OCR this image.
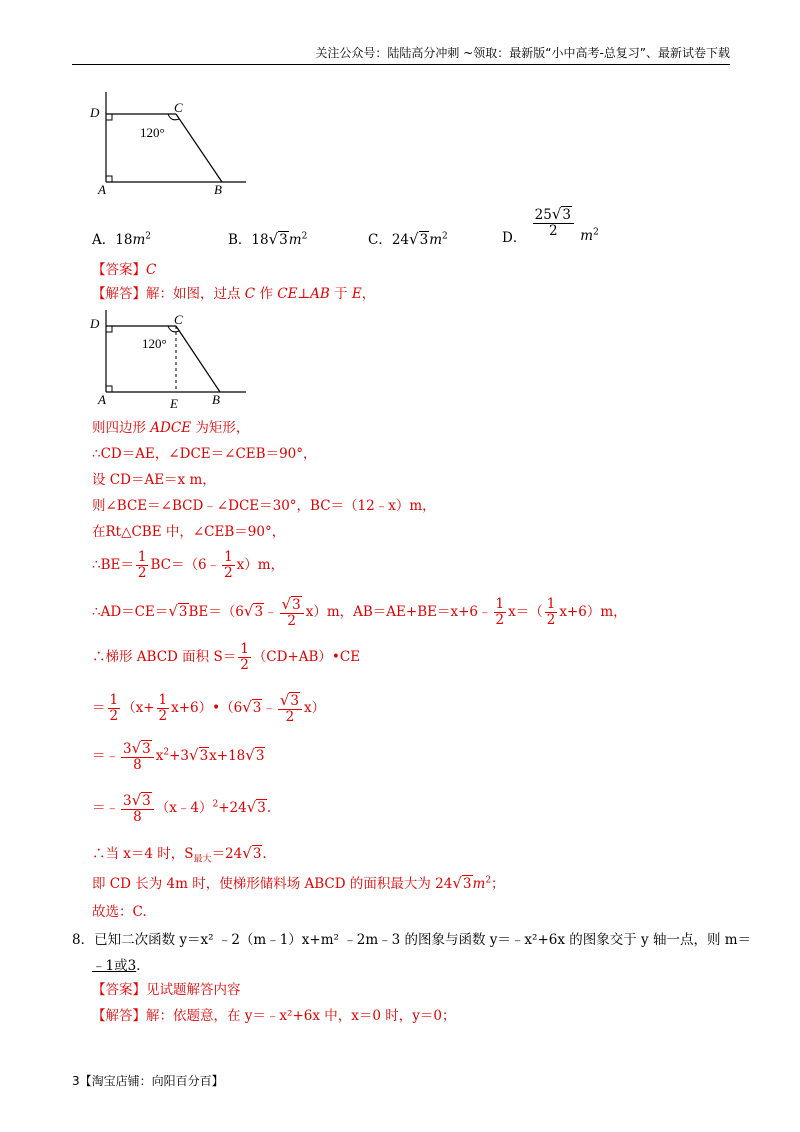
关注公众号：陆陆高分冲刺 ~领取：最新版“小中高考-总复习”、最新试卷下载
D	C
A	B
120°
A．$18m^2$	B．$18√3m^2$	C．$24√3m^2$	D． $\frac{25√3}{2} m^2$
【答案】C
【解答】解：如图，过点 C 作 CE⊥AB 于 E，
D	C
A	E	B
120°
则四边形 ADCE 为矩形，
∴CD＝AE，∠DCE＝∠CEB＝90°，
设 CD＝AE＝x m，
则∠BCE＝∠BCD﹣∠DCE＝30°，BC＝（12﹣x）m，
在Rt△CBE 中，∠CEB＝90°，
∴BE＝ $\frac{1}{2}$ BC＝（6﹣ $\frac{1}{2} x)m$，
∴AD＝CE＝√3BE＝（6√3﹣ $\frac{√3}{2} x)m$，AB＝AE+BE＝x+6﹣ $\frac{1}{2} x=( \frac{1}{2} x+6)m$，
∴梯形 ABCD 面积 $S= \frac{1}{2}$ （CD+AB）•CE
＝ $\frac{1}{2} (x+ \frac{1}{2}$ x+6）•（6√3﹣ $\frac{√3}{2} x$）
＝﹣ $\frac{3√3}{8} x^2+3√3x+18√3$
＝﹣ $\frac{3√3}{8}$ （x﹣4）$^2$+24√3.
∴当 x＝4 时，$S_{最大}=24√3$.
即 CD 长为 4m 时，使梯形储料场 ABCD 的面积最大为 $24√3m^2$；
故选：C.
8．已知二次函数 y＝x² ﹣2（m﹣1）x+m² ﹣2m﹣3 的图象与函数 y＝﹣x²+6x 的图象交于 y 轴一点，则 m＝
﹣1或3．
【答案】见试题解答内容
【解答】解：依题意，在 y＝﹣x²+6x 中，x＝0 时，y＝0；
3【淘宝店铺：向阳百分百】
